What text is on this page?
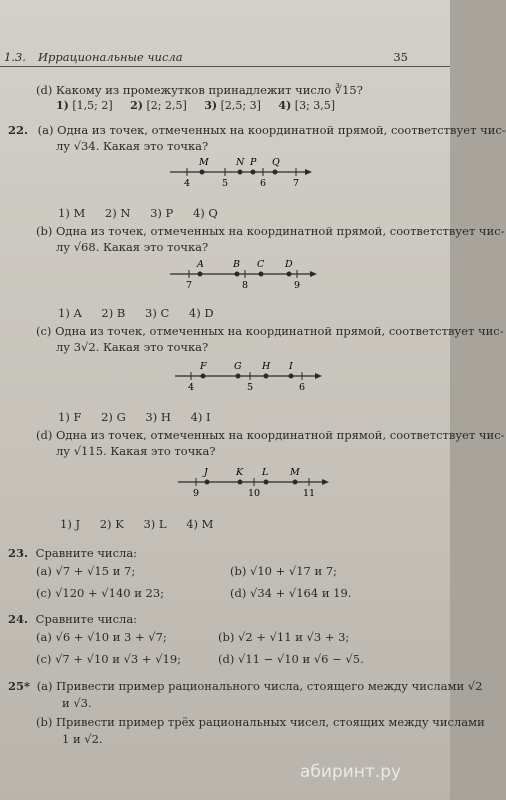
1.3. Иррациональные числа	35
(d) Какому из промежутков принадлежит число ∛15?
1) [1,5; 2] 2) [2; 2,5] 3) [2,5; 3] 4) [3; 3,5]
22. (a) Одна из точек, отмеченных на координатной прямой, соответствует чис-
лу √34. Какая это точка?
M	N P Q
4	5	6	7
1) M 2) N 3) P 4) Q
(b) Одна из точек, отмеченных на координатной прямой, соответствует чис-
лу √68. Какая это точка?
A	B C D
7	8	9
1) A 2) B 3) C 4) D
(c) Одна из точек, отмеченных на координатной прямой, соответствует чис-
лу 3√2. Какая это точка?
F	G H I
4	5	6
1) F 2) G 3) H 4) I
(d) Одна из точек, отмеченных на координатной прямой, соответствует чис-
лу √115. Какая это точка?
J	K L M
9	10	11
1) J 2) K 3) L 4) M
23. Сравните числа:
(a) √7 + √15 и 7;	(b) √10 + √17 и 7;
(c) √120 + √140 и 23;	(d) √34 + √164 и 19.
24. Сравните числа:
(a) √6 + √10 и 3 + √7;	(b) √2 + √11 и √3 + 3;
(c) √7 + √10 и √3 + √19;	(d) √11 − √10 и √6 − √5.
25* (a) Привести пример рационального числа, стоящего между числами √2
и √3.
(b) Привести пример трёх рациональных чисел, стоящих между числами
1 и √2.
абиринт.ру
